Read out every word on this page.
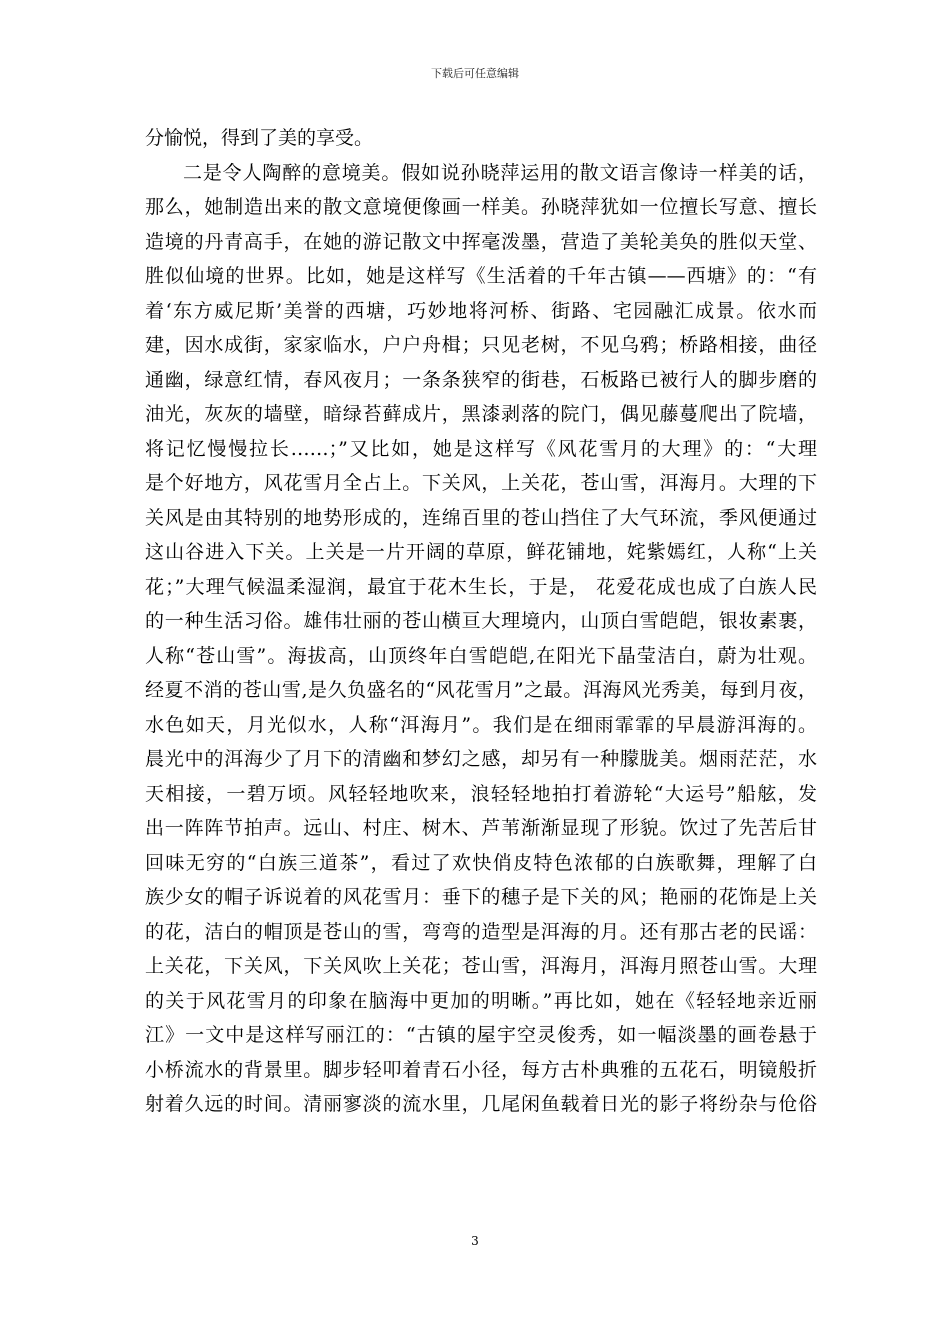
下载后可任意编辑
分愉悦，得到了美的享受。
二是令人陶醉的意境美。假如说孙晓萍运用的散文语言像诗一样美的话，
那么，她制造出来的散文意境便像画一样美。孙晓萍犹如一位擅长写意、擅长
造境的丹青高手，在她的游记散文中挥毫泼墨，营造了美轮美奂的胜似天堂、
胜似仙境的世界。比如，她是这样写《生活着的千年古镇——西塘》的：“有
着‘东方威尼斯’美誉的西塘，巧妙地将河桥、街路、宅园融汇成景。依水而
建，因水成街，家家临水，户户舟楫；只见老树，不见乌鸦；桥路相接，曲径
通幽，绿意红情，春风夜月；一条条狭窄的街巷，石板路已被行人的脚步磨的
油光，灰灰的墙壁，暗绿苔藓成片，黑漆剥落的院门，偶见藤蔓爬出了院墙，
将记忆慢慢拉长……；”又比如，她是这样写《风花雪月的大理》的：“大理
是个好地方，风花雪月全占上。下关风，上关花，苍山雪，洱海月。大理的下
关风是由其特别的地势形成的，连绵百里的苍山挡住了大气环流，季风便通过
这山谷进入下关。上关是一片开阔的草原，鲜花铺地，姹紫嫣红，人称“上关
花；”大理气候温柔湿润，最宜于花木生长，于是， 花爱花成也成了白族人民
的一种生活习俗。雄伟壮丽的苍山横亘大理境内，山顶白雪皑皑，银妆素裹，
人称“苍山雪”。海拔高，山顶终年白雪皑皑,在阳光下晶莹洁白，蔚为壮观。
经夏不消的苍山雪,是久负盛名的“风花雪月”之最。洱海风光秀美，每到月夜，
水色如天，月光似水，人称“洱海月”。我们是在细雨霏霏的早晨游洱海的。
晨光中的洱海少了月下的清幽和梦幻之感，却另有一种朦胧美。烟雨茫茫，水
天相接，一碧万顷。风轻轻地吹来，浪轻轻地拍打着游轮“大运号”船舷，发
出一阵阵节拍声。远山、村庄、树木、芦苇渐渐显现了形貌。饮过了先苦后甘
回味无穷的“白族三道茶”，看过了欢快俏皮特色浓郁的白族歌舞，理解了白
族少女的帽子诉说着的风花雪月：垂下的穗子是下关的风；艳丽的花饰是上关
的花，洁白的帽顶是苍山的雪，弯弯的造型是洱海的月。还有那古老的民谣：
上关花，下关风，下关风吹上关花；苍山雪，洱海月，洱海月照苍山雪。大理
的关于风花雪月的印象在脑海中更加的明晰。”再比如，她在《轻轻地亲近丽
江》一文中是这样写丽江的：“古镇的屋宇空灵俊秀，如一幅淡墨的画卷悬于
小桥流水的背景里。脚步轻叩着青石小径，每方古朴典雅的五花石，明镜般折
射着久远的时间。清丽寥淡的流水里，几尾闲鱼载着日光的影子将纷杂与伧俗
3
